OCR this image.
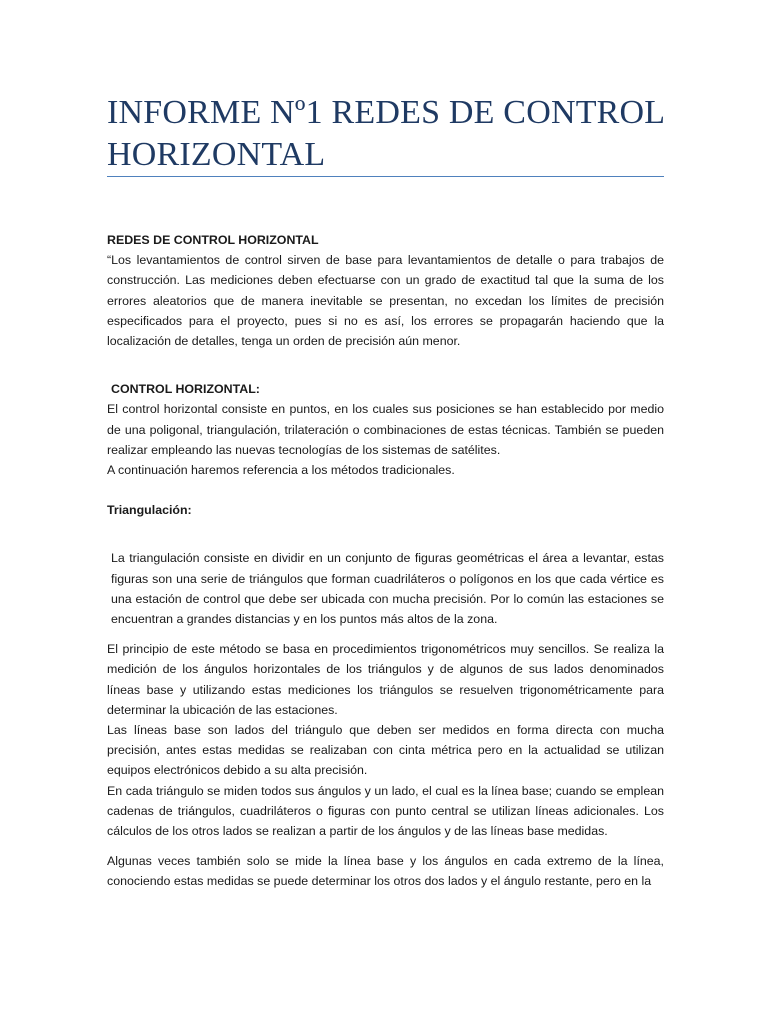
INFORME Nº1 REDES DE CONTROL HORIZONTAL

REDES DE CONTROL HORIZONTAL

“Los levantamientos de control sirven de base para levantamientos de detalle o para trabajos de construcción. Las mediciones deben efectuarse con un grado de exactitud tal que la suma de los errores aleatorios que de manera inevitable se presentan, no excedan los límites de precisión especificados para el proyecto, pues si no es así, los errores se propagarán haciendo que la localización de detalles, tenga un orden de precisión aún menor.

CONTROL HORIZONTAL:

El control horizontal consiste en puntos, en los cuales sus posiciones se han establecido por medio de una poligonal, triangulación, trilateración o combinaciones de estas técnicas. También se pueden realizar empleando las nuevas tecnologías de los sistemas de satélites.

A continuación haremos referencia a los métodos tradicionales.

Triangulación:

La triangulación consiste en dividir en un conjunto de figuras geométricas el área a levantar, estas figuras son una serie de triángulos que forman cuadriláteros o polígonos en los que cada vértice es una estación de control que debe ser ubicada con mucha precisión. Por lo común las estaciones se encuentran a grandes distancias y en los puntos más altos de la zona.

El principio de este método se basa en procedimientos trigonométricos muy sencillos. Se realiza la medición de los ángulos horizontales de los triángulos y de algunos de sus lados denominados líneas base y utilizando estas mediciones los triángulos se resuelven trigonométricamente para determinar la ubicación de las estaciones.

Las líneas base son lados del triángulo que deben ser medidos en forma directa con mucha precisión, antes estas medidas se realizaban con cinta métrica pero en la actualidad se utilizan equipos electrónicos debido a su alta precisión.

En cada triángulo se miden todos sus ángulos y un lado, el cual es la línea base; cuando se emplean cadenas de triángulos, cuadriláteros o figuras con punto central se utilizan líneas adicionales. Los cálculos de los otros lados se realizan a partir de los ángulos y de las líneas base medidas.

Algunas veces también solo se mide la línea base y los ángulos en cada extremo de la línea, conociendo estas medidas se puede determinar los otros dos lados y el ángulo restante, pero en la
